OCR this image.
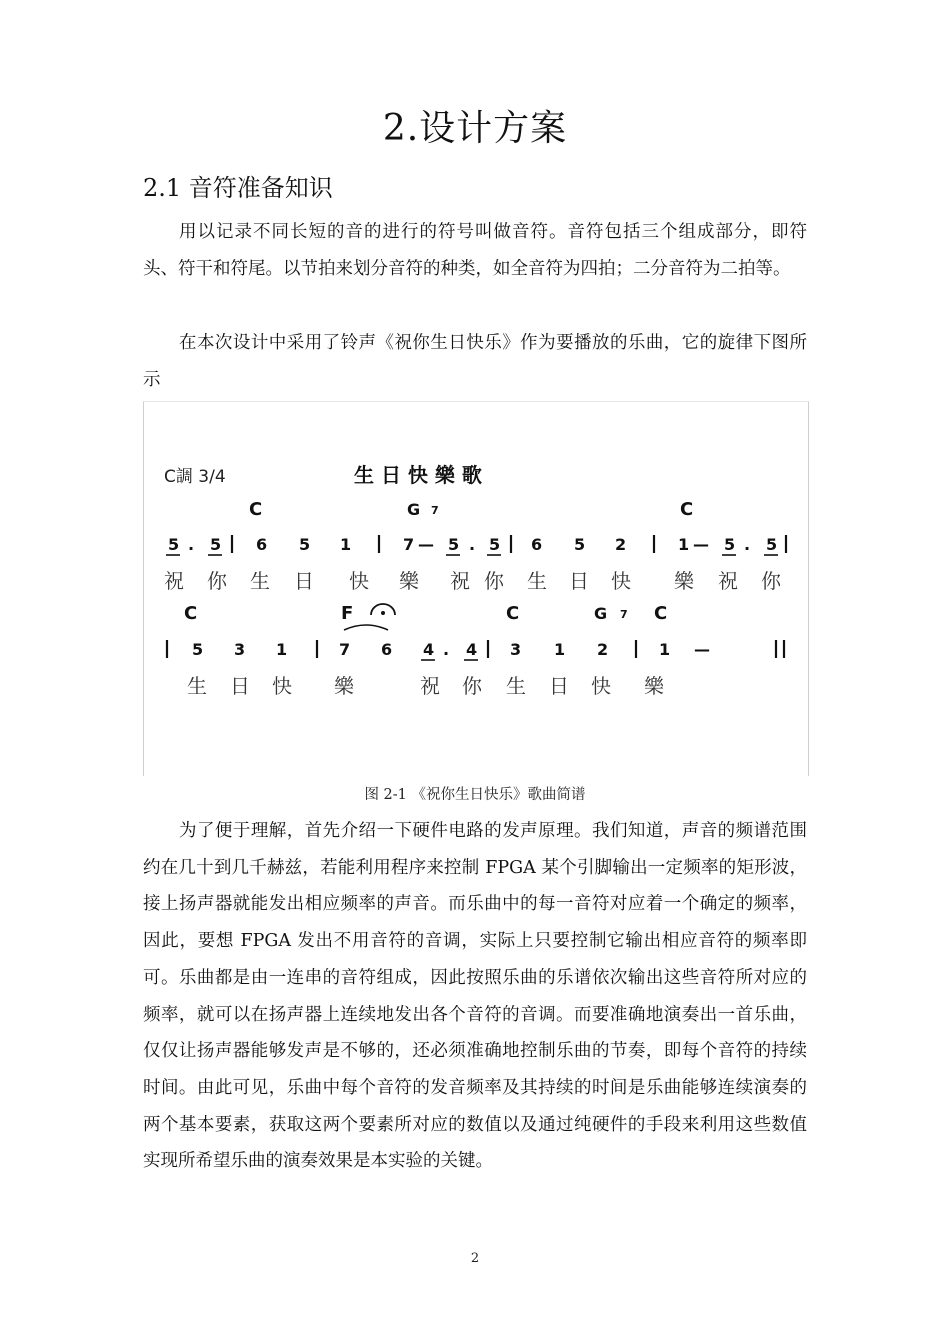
2.设计方案
2.1 音符准备知识
用以记录不同长短的音的进行的符号叫做音符。音符包括三个组成部分，即符头、符干和符尾。以节拍来划分音符的种类，如全音符为四拍；二分音符为二拍等。
在本次设计中采用了铃声《祝你生日快乐》作为要播放的乐曲，它的旋律下图所示
C調 3/4	生 日 快 樂 歌
C	G 7	C
5 . 5 6 5 1	7 — 5 . 5 6 5 2	1 — 5 . 5
祝 你 生 日 快 樂 祝 你 生 日 快 樂 祝 你
C	F	C	G 7 C
5 3 1	7 6 4 . 4 3 1 2	1 —
生 日 快 樂	祝 你 生 日 快 樂
图 2-1 《祝你生日快乐》歌曲简谱
为了便于理解，首先介绍一下硬件电路的发声原理。我们知道，声音的频谱范围约在几十到几千赫兹，若能利用程序来控制 FPGA 某个引脚输出一定频率的矩形波，接上扬声器就能发出相应频率的声音。而乐曲中的每一音符对应着一个确定的频率，因此，要想 FPGA 发出不用音符的音调，实际上只要控制它输出相应音符的频率即可。乐曲都是由一连串的音符组成，因此按照乐曲的乐谱依次输出这些音符所对应的频率，就可以在扬声器上连续地发出各个音符的音调。而要准确地演奏出一首乐曲，仅仅让扬声器能够发声是不够的，还必须准确地控制乐曲的节奏，即每个音符的持续时间。由此可见，乐曲中每个音符的发音频率及其持续的时间是乐曲能够连续演奏的两个基本要素，获取这两个要素所对应的数值以及通过纯硬件的手段来利用这些数值实现所希望乐曲的演奏效果是本实验的关键。
2
